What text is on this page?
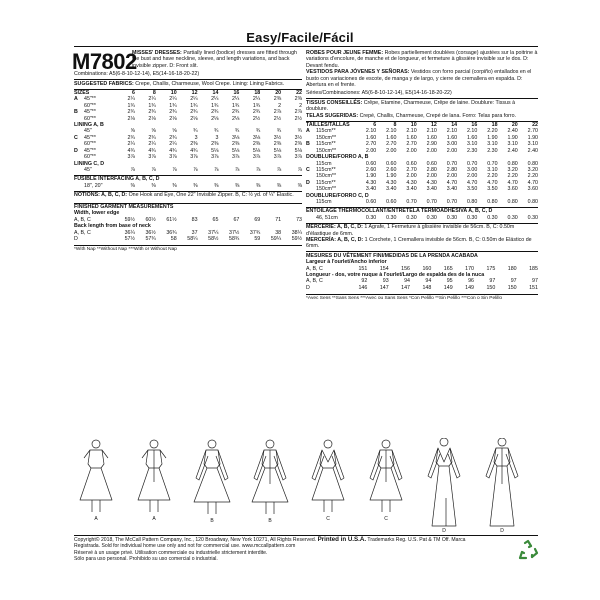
Easy/Facile/Fácil
M7802
MISSES' DRESSES: Partially lined (bodice) dresses are fitted through the bust and have neckline, sleeve, and length variations, and back invisible zipper. D: Front slit.
Combinations: A5(6-8-10-12-14), E5(14-16-18-20-22)
SUGGESTED FABRICS: Crepe, Challis, Charmeuse, Wool Crepe. Lining: Lining Fabrics.
SIZES	6	8	10	12	14	16	18	20	22
A	45"**	2¼	2¼	2¼	2¼	2¼	2¼	2¼	2⅜	2⅜
60"**	1¾	1¾	1¾	1¾	1¾	1¾	1¾	2	2
B	45"**	2¾	2¾	2¾	2¾	2¾	2¾	2¾	2⅞	2⅞
60"**	2⅛	2⅛	2⅛	2⅛	2⅛	2⅛	2½	2½	2½
LINING A, B
45"	⅝	⅝	⅝	¾	¾	¾	¾	¾	¾
C	45"**	2¾	2¾	2¾	3	3	3⅛	3⅛	3½	3½
60"**	2¼	2¼	2¼	2⅜	2⅜	2⅜	2⅜	2⅜	2⅜
D	45"**	4¾	4¾	4¾	4¾	5⅛	5⅛	5⅛	5⅛	5⅛
60"**	3⅞	3⅞	3⅞	3⅞	3⅞	3⅞	3⅞	3⅞	3⅞
LINING C, D
45"	⅞	⅞	⅞	⅞	⅞	⅞	⅞	⅞	⅞
FUSIBLE INTERFACING A, B, C, D
18", 20"	⅜	⅜	⅜	⅜	⅜	⅜	⅜	⅜	⅜
NOTIONS: A, B, C, D: One Hook and Eye, One 22" Invisible Zipper. B, C: ½ yd. of ¼" Elastic.
FINISHED GARMENT MEASUREMENTS
Width, lower edge
A, B, C	59½	60½	61½	83	65	67	69	71	73
Back length from base of neck
A, B, C	36¼	36½	36¾	37	37¼	37½	37¾	38	38¼
D	57½	57¾	58	58¼	58½	58¾	59	59¼	59½
*With Nap **Without Nap ***With or Without Nap
ROBES POUR JEUNE FEMME: Robes partiellement doublées (corsage) ajustées sur la poitrine à variations d'encolure, de manche et de longueur, et fermeture à glissière invisible sur le dos. D: Devant fendu.
VESTIDOS PARA JÓVENES Y SEÑORAS: Vestidos con forro parcial (corpiño) entallados en el busto con variaciones de escote, de manga y de largo, y cierre de cremallera en espalda. D: Abertura en el frente.
Séries/Combinaciones: A5(6-8-10-12-14), E5(14-16-18-20-22)
TISSUS CONSEILLÉS: Crêpe, Etamine, Charmeuse, Crêpe de laine. Doublure: Tissus à doublure.
TELAS SUGERIDAS: Crepé, Challis, Charmeuse, Crepé de lana. Forro: Telas para forro.
TAILLES/TALLAS	6	8	10	12	14	16	18	20	22
A	115cm**	2.10	2.10	2.10	2.10	2.10	2.10	2.20	2.40	2.70
150cm**	1.60	1.60	1.60	1.60	1.60	1.60	1.90	1.90	1.90
B	115cm**	2.70	2.70	2.70	2.90	3.00	3.10	3.10	3.10	3.10
150cm**	2.00	2.00	2.00	2.00	2.00	2.30	2.30	2.40	2.40
DOUBLURE/FORRO A, B
115cm	0.60	0.60	0.60	0.60	0.70	0.70	0.70	0.80	0.80
C	115cm**	2.60	2.60	2.70	2.80	2.80	3.00	3.10	3.20	3.20
150cm**	1.90	1.90	2.00	2.00	2.00	2.00	2.20	2.20	2.20
D	115cm**	4.30	4.30	4.30	4.30	4.70	4.70	4.70	4.70	4.70
150cm**	3.40	3.40	3.40	3.40	3.40	3.50	3.50	3.60	3.60
DOUBLURE/FORRO C, D
115cm	0.60	0.60	0.70	0.70	0.70	0.80	0.80	0.80	0.80
ENTOILAGE THERMOCOLLANT/ENTRETELA TERMOADHESIVA A, B, C, D
46, 51cm	0.30	0.30	0.30	0.30	0.30	0.30	0.30	0.30	0.30
MERCERIE: A, B, C, D: 1 Agrafe, 1 Fermeture à glissière invisible de 56cm. B, C: 0.50m d'élastique de 6mm.
MERCERÍA: A, B, C, D: 1 Corchete, 1 Cremallera invisible de 56cm. B, C: 0.50m de Elástico de 6mm.
MESURES DU VÊTEMENT FINI/MEDIDAS DE LA PRENDA ACABADA
Largeur à l'ourlet/Ancho inferior
A, B, C	151	154	156	160	165	170	175	180	185
Longueur - dos, votre nuque à l'ourlet/Largo de espalda des de la nuca
A, B, C	92	93	94	94	95	96	97	97	97
D	146	147	147	148	149	149	150	150	151
*Avec Sens **Sans Sens ***Avec ou Sans Sens *Con Pelillo **Sin Pelillo ***Con o Sin Pelillo
A	A	B	B	C	C
D	D
Copyright© 2018, The McCall Pattern Company, Inc., 120 Broadway, New York 10271, All Rights Reserved. Printed in U.S.A. Trademarks Reg. U.S. Pat & TM Off. Marca
Registrada. Sold for individual home use only and not for commercial use. www.mccallpattern.com
Réservé à un usage privé. Utilisation commerciale ou industrielle strictement interdite.
Sólo para uso personal. Prohibido su uso comercial o industrial.
